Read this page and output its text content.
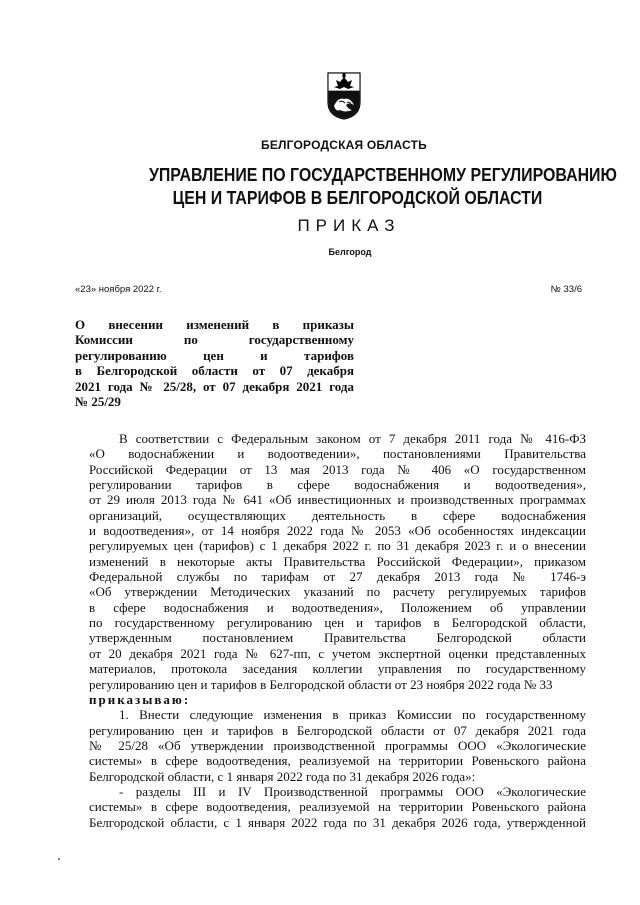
БЕЛГОРОДСКАЯ ОБЛАСТЬ
УПРАВЛЕНИЕ ПО ГОСУДАРСТВЕННОМУ РЕГУЛИРОВАНИЮ
ЦЕН И ТАРИФОВ В БЕЛГОРОДСКОЙ ОБЛАСТИ
ПРИКАЗ
Белгород
«23» ноября 2022 г.	№ 33/6
О внесении изменений в приказы
Комиссии по государственному
регулированию цен и тарифов
в Белгородской области от 07 декабря
2021 года № 25/28, от 07 декабря 2021 года
№ 25/29
В соответствии с Федеральным законом от 7 декабря 2011 года № 416-ФЗ
«О водоснабжении и водоотведении», постановлениями Правительства
Российской Федерации от 13 мая 2013 года № 406 «О государственном
регулировании тарифов в сфере водоснабжения и водоотведения»,
от 29 июля 2013 года № 641 «Об инвестиционных и производственных программах
организаций, осуществляющих деятельность в сфере водоснабжения
и водоотведения», от 14 ноября 2022 года № 2053 «Об особенностях индексации
регулируемых цен (тарифов) с 1 декабря 2022 г. по 31 декабря 2023 г. и о внесении
изменений в некоторые акты Правительства Российской Федерации», приказом
Федеральной службы по тарифам от 27 декабря 2013 года № 1746-э
«Об утверждении Методических указаний по расчету регулируемых тарифов
в сфере водоснабжения и водоотведения», Положением об управлении
по государственному регулированию цен и тарифов в Белгородской области,
утвержденным постановлением Правительства Белгородской области
от 20 декабря 2021 года № 627-пп, с учетом экспертной оценки представленных
материалов, протокола заседания коллегии управления по государственному
регулированию цен и тарифов в Белгородской области от 23 ноября 2022 года № 33
приказываю:
1. Внести следующие изменения в приказ Комиссии по государственному
регулированию цен и тарифов в Белгородской области от 07 декабря 2021 года
№ 25/28 «Об утверждении производственной программы ООО «Экологические
системы» в сфере водоотведения, реализуемой на территории Ровеньского района
Белгородской области, с 1 января 2022 года по 31 декабря 2026 года»:
- разделы III и IV Производственной программы ООО «Экологические
системы» в сфере водоотведения, реализуемой на территории Ровеньского района
Белгородской области, с 1 января 2022 года по 31 декабря 2026 года, утвержденной
